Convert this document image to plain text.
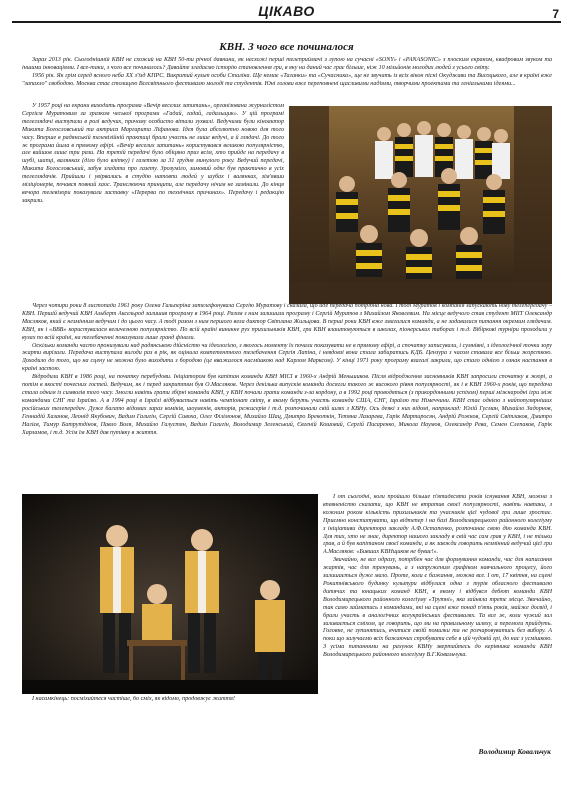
ЦІКАВО	7
КВН. З чого все починалося

Зараз 2013 рік. Сьогоднішній КВН не схожий на КВН 50-ти річної давнини, як несхожі перші телеприймачі з лупою на сучасні «SONY» і «PANASONIC» з плоским екраном, квадровим звуком та іншими інноваціями. І все-таки, з чого все починалось? Давайте згадаємо історію становлення гри, в яку на даний час грає більше, ніж 10 мільйонів молодих людей з усього світу.

1956 рік. Як грім серед ясного неба XX з'їзд КПРС. Викритий культ особи Сталіна. Ще немає «Таганки» та «Сучасника», ще не звучать із всіх вікон пісні Окуджави та Висоцького, але в країні вже "запахло" свободою. Москва стає столицею Всесвітнього фестивалю молоді та студентів. Юні голови вже переповнені щасливими надіями, творчими проектами та геніальними ідеями...

У 1957 році на екрани виходить програма «Вечір веселих запитань», організована журналістом Сергієм Муратовим за зразком чеської програми «Гадай, гадай, гадальщик». У цій програмі телеглядачі виступали в ролі ведучих, причому особисто вітали зухвалі. Ведучими були кіноактор Микита Богословський та актриса Маргарита Ліфанова. Ідея була абсолютно новою для того часу. Вперше в радянській телевізійній практиці брали участь не лише ведучі, а й глядачі. До того ж програма йшла в прямому ефірі. «Вечір веселих запитань» користувався великою популярністю, але вийшов лише три рази. На третій передачі було обіцяно приз всім, хто прийде на передачу в шубі, шапці, валянках (діло було влітку) і газетою за 31 грудня минулого року. Ведучий передачі, Микита Богословський, забув згадати про газету. Зрозуміло, зимовий одяг був практично в усіх телеглядачів. Прийшли і увірвались в студію натовпи людей у шубах і валянках, зім'явши міліціонерів, почався повний хаос. Транслюючи принципи, але передачу нічим не замінили. До кінця вечора телевізори показували заставку «Перерва по технічних причинах». Передачу і редакцію закрили.

Через чотири роки 8 листопада 1961 року Олена Гальперіна зателефонувала Сергію Муратову і сказала, що йде передача потрібна нова. І тоді Муратов і компанія запускають нову телепередачу – КВН. Першій ведучий КВН Альберт Аксельрод залишив програму в 1964 році. Разом з ним залишили програму і Сергій Муратов з Михайлом Яковлевим. На місце ведучого став студент МІІТ Олександр Масляков, який є незмінним ведучим і до цього часу. А тоді разом з ним першого вела диктор Світлана Жильцова. В перші роки КВН вже змагалися команди, а не задавалися питання окремим глядачам. КВН, як і «ВВВ» користувалася величезною популярністю. По всій країні виникне рух прихильників КВН, гри КВН влаштовуються в школах, піонерських таборах і т.д. Вібіркові турніри проходили у вузах по всій країні, на телебаченні показували лише гранд фінали.

Оскільки команди часто пронизували над радянською дійсністю чи ідеологією, з якогось моменту їх почали показувати не в прямому ефірі, а спочатку записували, і сумнівні, з ідеологічної точки зору жарти вирізали. Передача виступала вигоди раз в рік, як оцінила компетентного телебачення Сергія Лапіна, і невдовзі вона стала забиратись КДБ. Цензура з часом ставала все більш жорсткою. Доходило до того, що на сцену не можна було виходити з бородою (це вважалося насмішкою над Карлом Марксом). У кінці 1971 року програму взагалі закрили, що стало однією з ознак настання в країні застою.

Відродили КВН в 1986 році, на початку перебудови. Ініціатором був капітан команди КВН МІСІ в 1960-х Андрій Меньшиков. Після відродження засновників КВН запросили спочатку в жюрі, а потім в якості почесних гостей. Ведучим, як і перед закриттям був О.Масляков. Через декілька випусків команди досягли такого ж високого рівня популярності, як і в КВН 1960-х років, що передача стала одним із символів того часу. Змогли навіть грати збірні команди КВН, у КВН почали грати команди з-за кордону, а в 1992 році проводяться (з прикордонними успіхом) перші міжнародні ігри між командами СНГ та Ізраїлю. А в 1994 році в Ізраїлі відбувається навіть чемпіонат світу, в якому беруть участь команди США, СНГ, Ізраїлю та Німеччини. КВН стає однією з найпопулярніших російських телепередач. Дуже багато відомих зараз коміків, шоуменів, акторів, режисерів і т.д. розпочинали свій шлях з КВНу. Ось деякі з них відомі, наприклад: Юлій Гусман, Михайло Задорнов, Геннадій Хазанов, Леонід Якубович, Вадим Галигін, Сергій Сивоха, Олег Філімонов, Михайло Шац, Дмитро Брекоткін, Тетяна Лазарева, Гарік Мартиросян, Андрій Рожков, Сергій Світлаков, Дмитро Нагієв, Тимур Батрутдінов, Павло Воля, Михайло Галустян, Вадим Галигін, Володимир Зеленський, Євгеній Кошовий, Сергій Писаренко, Микола Наумов, Олександр Рева, Семен Слепаков, Гарік Харламов, і т.д. Усім їм КВН дав путівку в життя.

І от сьогодні, коли пройшло більше п'ятидесяти років існування КВН, можна з впевненістю сказати, що КВН не втратив своєї популярності, навіть навпаки, з кожним роком кількість прихильників та учасників цієї чудової гри лише зростає. Приємно констатувати, що відтепер і на базі Володимирецького районного колегіуму з ініціативи директора закладу А.Ф.Остапенко, розпочинає свою дію команда КВН. Для тих, хто не знає, директор нашого закладу в свій час сам грав у КВН, і не тільки грав, а й був капітаном своєї команди, а як завжди говорить незмінний ведучий цієї гри А.Масляков: «Бивших КВНщиков не буває!».

Звичайно, не все одразу, потрібен час для формування команди, час для написання жартів, час для тренувань, а з напруженим графіком навчального процесу, його залишається дуже мало. Проте, коли є бажання, можна все. І от, 17 квітня, на сцені Рокитнівського будинку культури відбулася одна з турів обласного фестивалю дитячих та юнацьких команд КВН, в якому і відбувся дебют команди КВН Володимирецького районного колегіуму «Трутні», яка зайняла третє місце. Звичайно, так само займатись з командами, які на сцені вже понад п'ять років, майже досвід, і брали участь в аналогічних всеукраїнських фестивалях. Та все ж, коли чужий зал заливається сміхом, це говорить, що ми на правильному шляху, а перемоги прийдуть. Головне, не зупинятись, вчитися своїй помилки та не розчаровуватись без вибору. А поки що залучаємо всіх бажаючих спробувати себе в цій чудовій грі, до нас з усмішкою. З усіма питаннями на рахунок КВНу звертайтесь до керівника команди КВН Володимирецького районного колегіуму В.Г.Ковальчука.

І насамкінець: посміхайтеся частіше, бо сміх, як відомо, продовжує життя!

Володимир Ковальчук
